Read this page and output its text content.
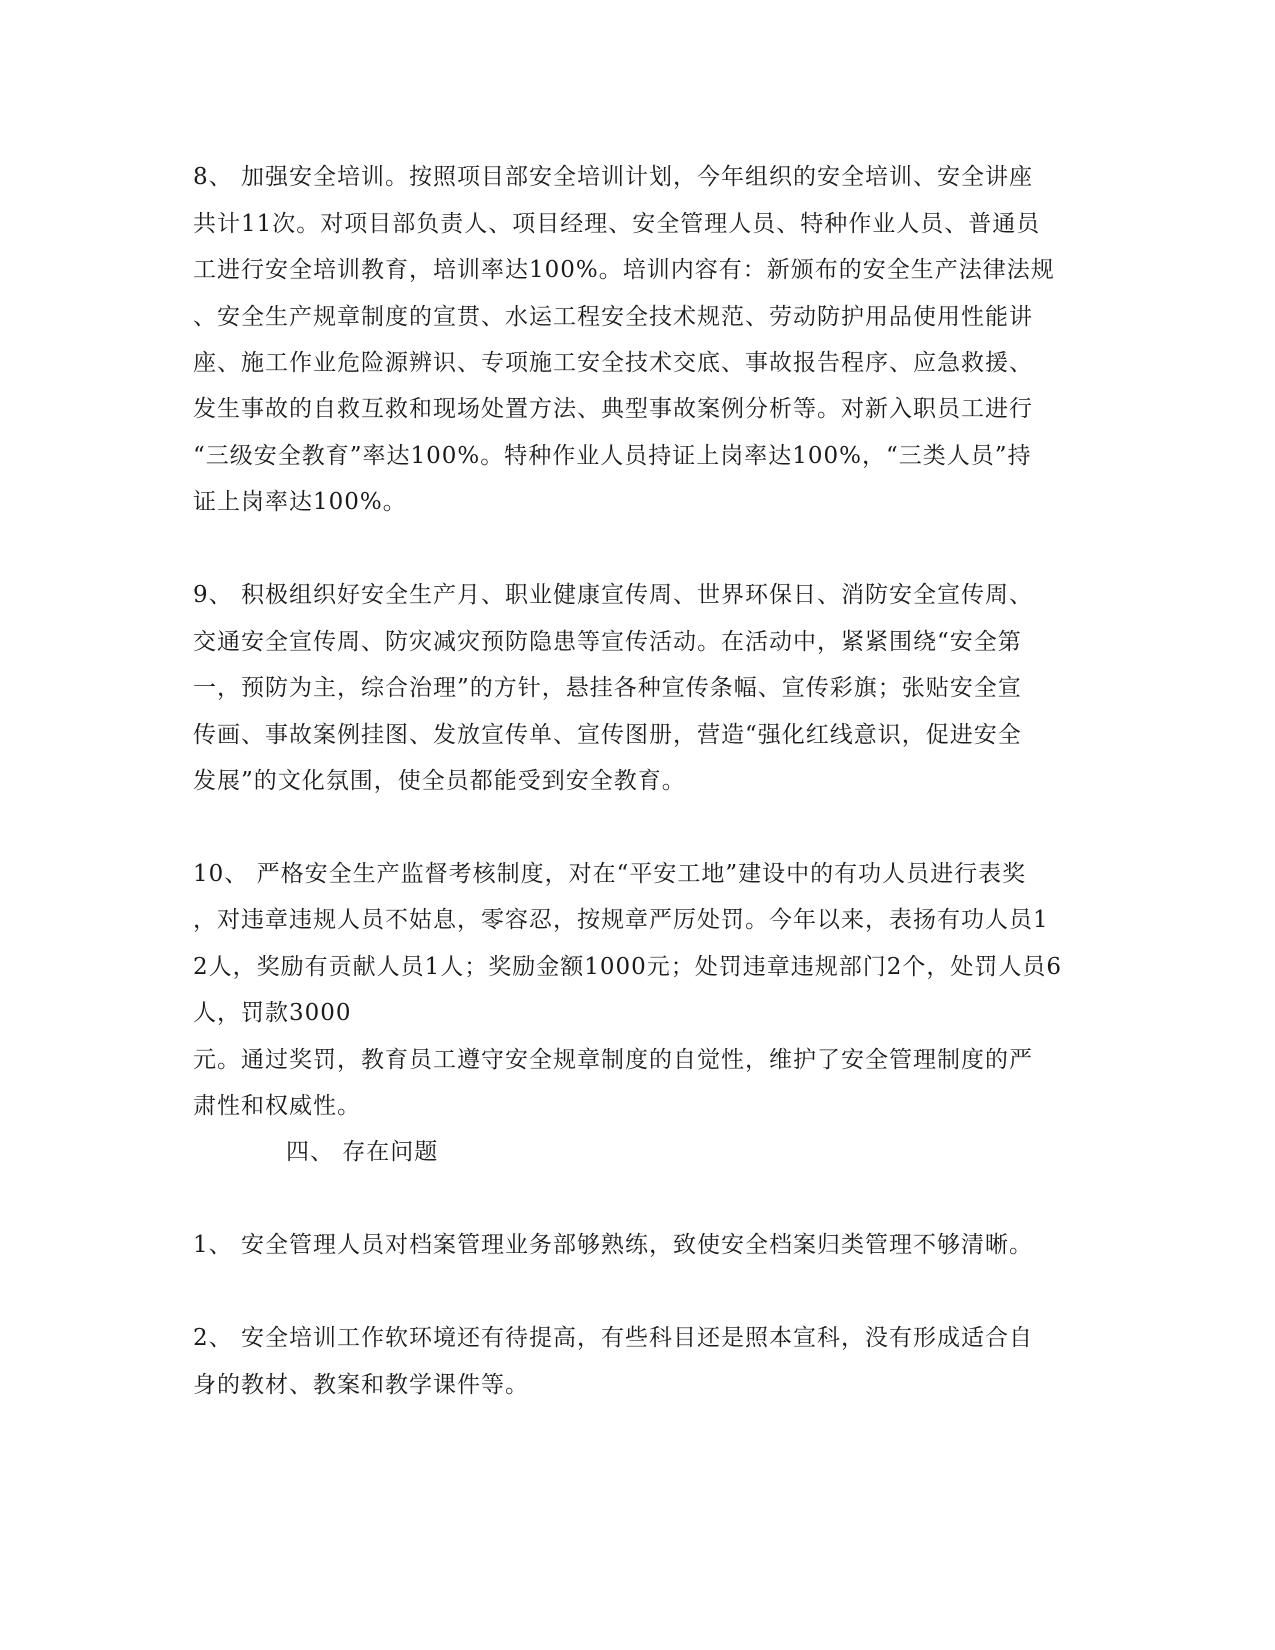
8、 加强安全培训。按照项目部安全培训计划，今年组织的安全培训、安全讲座
共计11次。对项目部负责人、项目经理、安全管理人员、特种作业人员、普通员
工进行安全培训教育，培训率达100%。培训内容有：新颁布的安全生产法律法规
、安全生产规章制度的宣贯、水运工程安全技术规范、劳动防护用品使用性能讲
座、施工作业危险源辨识、专项施工安全技术交底、事故报告程序、应急救援、
发生事故的自救互救和现场处置方法、典型事故案例分析等。对新入职员工进行
“三级安全教育”率达100%。特种作业人员持证上岗率达100%，“三类人员”持
证上岗率达100%。
9、 积极组织好安全生产月、职业健康宣传周、世界环保日、消防安全宣传周、
交通安全宣传周、防灾减灾预防隐患等宣传活动。在活动中，紧紧围绕“安全第
一，预防为主，综合治理”的方针，悬挂各种宣传条幅、宣传彩旗；张贴安全宣
传画、事故案例挂图、发放宣传单、宣传图册，营造“强化红线意识，促进安全
发展”的文化氛围，使全员都能受到安全教育。
10、 严格安全生产监督考核制度，对在“平安工地”建设中的有功人员进行表奖
，对违章违规人员不姑息，零容忍，按规章严厉处罚。今年以来，表扬有功人员1
2人，奖励有贡献人员1人；奖励金额1000元；处罚违章违规部门2个，处罚人员6
人，罚款3000
元。通过奖罚，教育员工遵守安全规章制度的自觉性，维护了安全管理制度的严
肃性和权威性。
四、 存在问题
1、 安全管理人员对档案管理业务部够熟练，致使安全档案归类管理不够清晰。
2、 安全培训工作软环境还有待提高，有些科目还是照本宣科，没有形成适合自
身的教材、教案和教学课件等。
